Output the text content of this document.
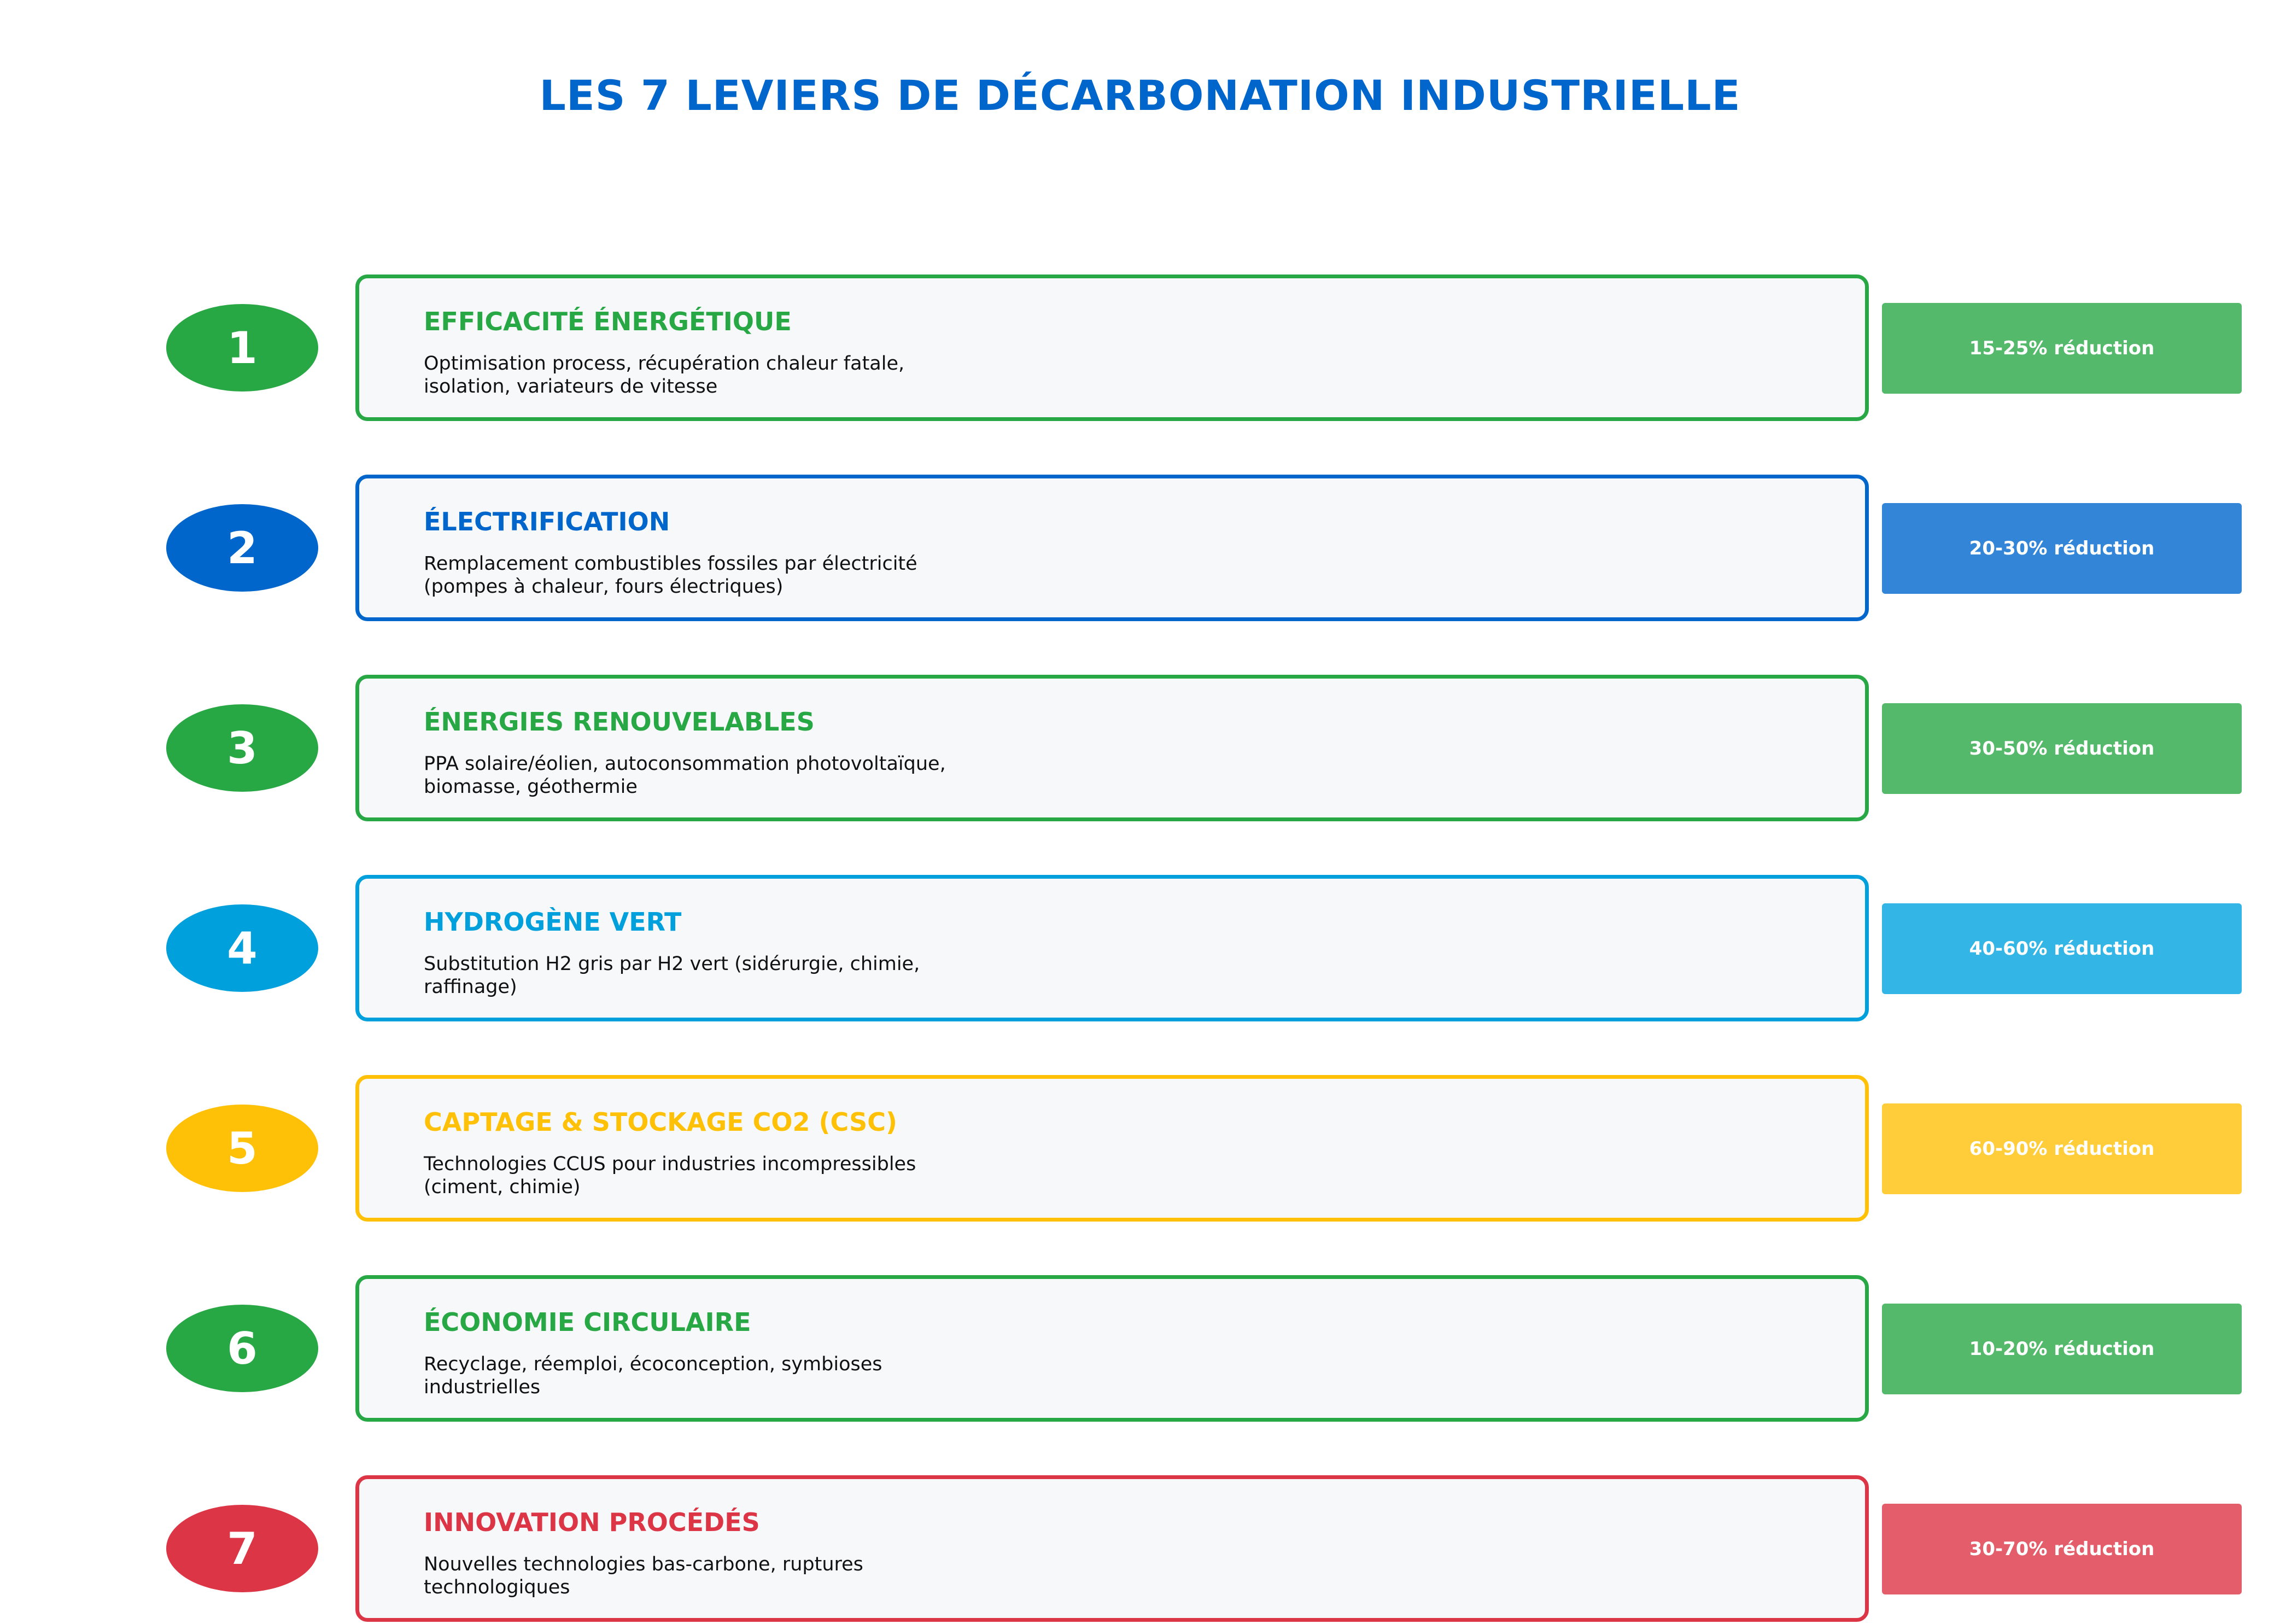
LES 7 LEVIERS DE DÉCARBONATION INDUSTRIELLE
1
EFFICACITÉ ÉNERGÉTIQUE
Optimisation process, récupération chaleur fatale,
isolation, variateurs de vitesse
15-25% réduction
2
ÉLECTRIFICATION
Remplacement combustibles fossiles par électricité
(pompes à chaleur, fours électriques)
20-30% réduction
3
ÉNERGIES RENOUVELABLES
PPA solaire/éolien, autoconsommation photovoltaïque,
biomasse, géothermie
30-50% réduction
4
HYDROGÈNE VERT
Substitution H2 gris par H2 vert (sidérurgie, chimie,
raffinage)
40-60% réduction
5
CAPTAGE & STOCKAGE CO2 (CSC)
Technologies CCUS pour industries incompressibles
(ciment, chimie)
60-90% réduction
6
ÉCONOMIE CIRCULAIRE
Recyclage, réemploi, écoconception, symbioses
industrielles
10-20% réduction
7
INNOVATION PROCÉDÉS
Nouvelles technologies bas-carbone, ruptures
technologiques
30-70% réduction
